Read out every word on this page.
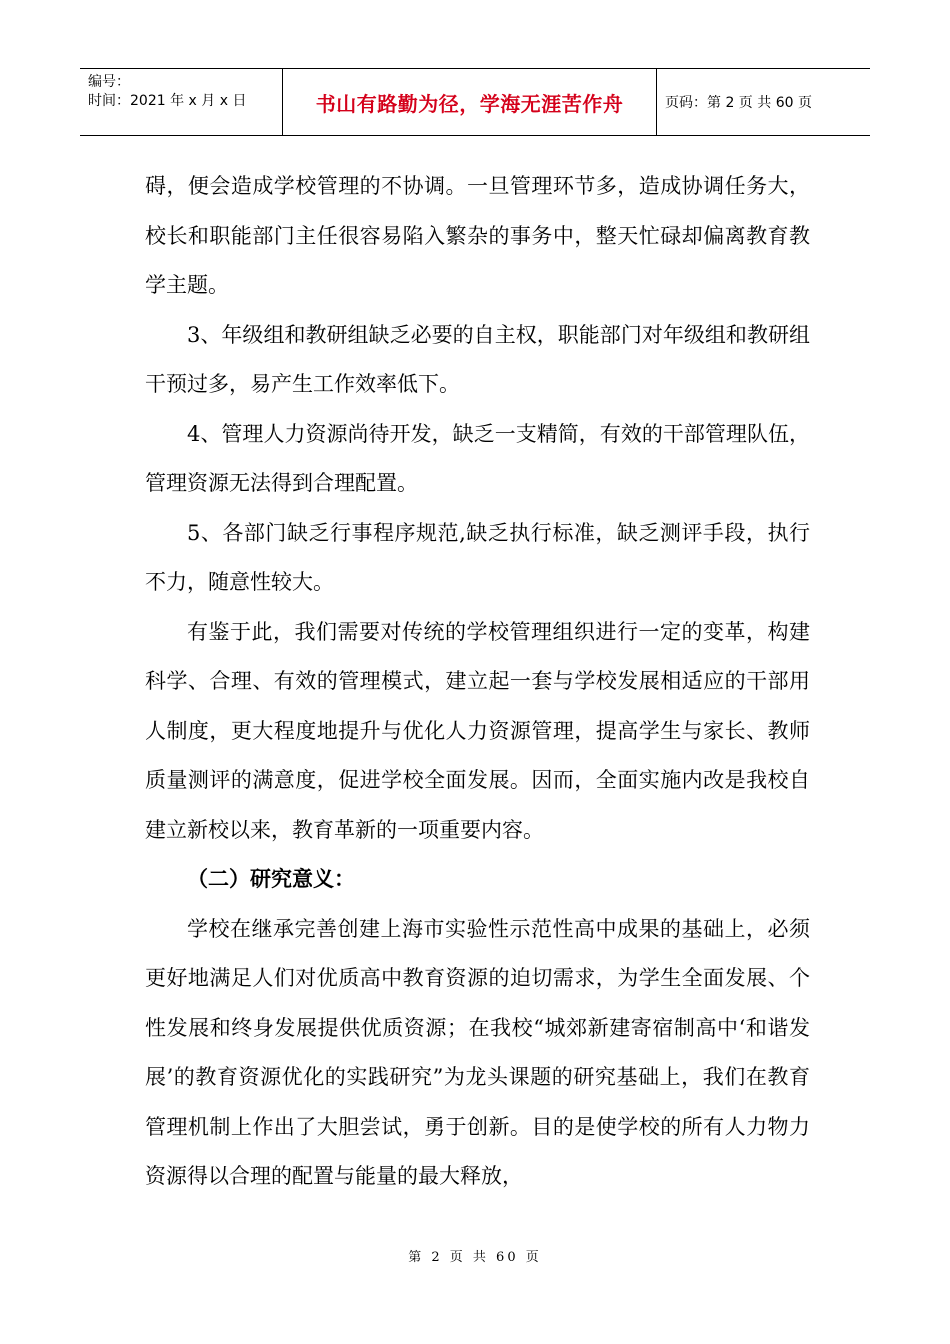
编号：
时间：2021 年 x 月 x 日	书山有路勤为径，学海无涯苦作舟	页码：第 2 页 共 60 页

碍，便会造成学校管理的不协调。一旦管理环节多，造成协调任务大，校长和职能部门主任很容易陷入繁杂的事务中，整天忙碌却偏离教育教学主题。

3、年级组和教研组缺乏必要的自主权，职能部门对年级组和教研组干预过多，易产生工作效率低下。

4、管理人力资源尚待开发，缺乏一支精简，有效的干部管理队伍，管理资源无法得到合理配置。

5、各部门缺乏行事程序规范,缺乏执行标准，缺乏测评手段，执行不力，随意性较大。

有鉴于此，我们需要对传统的学校管理组织进行一定的变革，构建科学、合理、有效的管理模式，建立起一套与学校发展相适应的干部用人制度，更大程度地提升与优化人力资源管理，提高学生与家长、教师质量测评的满意度，促进学校全面发展。因而，全面实施内改是我校自建立新校以来，教育革新的一项重要内容。

（二）研究意义：

学校在继承完善创建上海市实验性示范性高中成果的基础上，必须更好地满足人们对优质高中教育资源的迫切需求，为学生全面发展、个性发展和终身发展提供优质资源；在我校“城郊新建寄宿制高中‘和谐发展’的教育资源优化的实践研究”为龙头课题的研究基础上，我们在教育管理机制上作出了大胆尝试，勇于创新。目的是使学校的所有人力物力资源得以合理的配置与能量的最大释放，

第 2 页 共 60 页
